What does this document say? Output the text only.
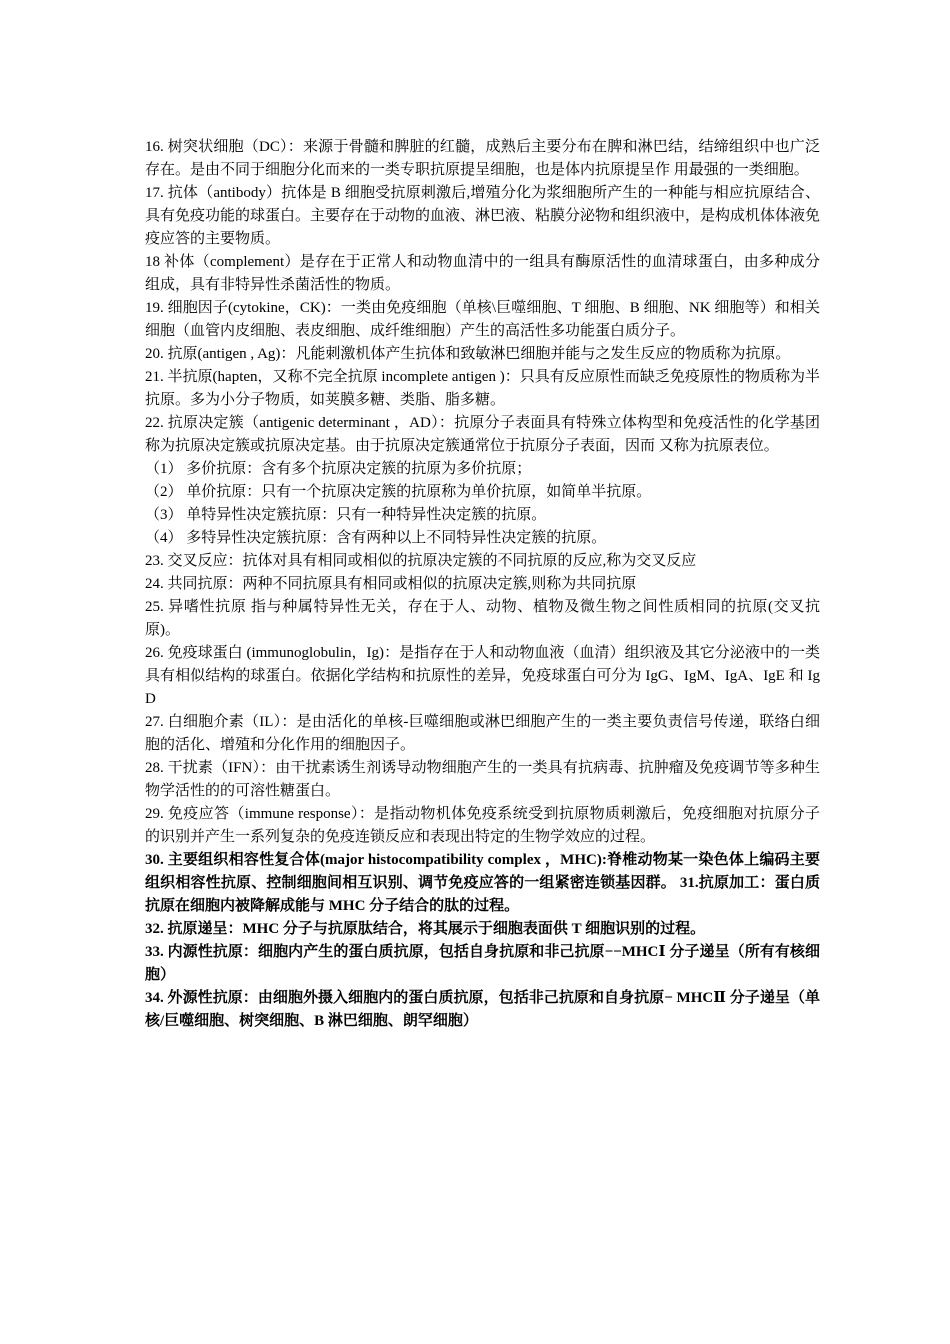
16. 树突状细胞（DC）：来源于骨髓和脾脏的红髓，成熟后主要分布在脾和淋巴结，结缔组织中也广泛存在。是由不同于细胞分化而来的一类专职抗原提呈细胞，也是体内抗原提呈作 用最强的一类细胞。

17. 抗体（antibody）抗体是 B 细胞受抗原刺激后,增殖分化为浆细胞所产生的一种能与相应抗原结合、具有免疫功能的球蛋白。主要存在于动物的血液、淋巴液、粘膜分泌物和组织液中，是构成机体体液免疫应答的主要物质。

18 补体（complement）是存在于正常人和动物血清中的一组具有酶原活性的血清球蛋白，由多种成分组成，具有非特异性杀菌活性的物质。

19. 细胞因子(cytokine，CK)：一类由免疫细胞（单核\巨噬细胞、T 细胞、B 细胞、NK 细胞等）和相关细胞（血管内皮细胞、表皮细胞、成纤维细胞）产生的高活性多功能蛋白质分子。

20. 抗原(antigen , Ag)：凡能刺激机体产生抗体和致敏淋巴细胞并能与之发生反应的物质称为抗原。

21. 半抗原(hapten，又称不完全抗原 incomplete antigen )：只具有反应原性而缺乏免疫原性的物质称为半抗原。多为小分子物质，如荚膜多糖、类脂、脂多糖。

22. 抗原决定簇（antigenic determinant ，AD）：抗原分子表面具有特殊立体构型和免疫活性的化学基团称为抗原决定簇或抗原决定基。由于抗原决定簇通常位于抗原分子表面，因而 又称为抗原表位。

（1） 多价抗原：含有多个抗原决定簇的抗原为多价抗原；

（2） 单价抗原：只有一个抗原决定簇的抗原称为单价抗原，如简单半抗原。

（3） 单特异性决定簇抗原：只有一种特异性决定簇的抗原。

（4） 多特异性决定簇抗原：含有两种以上不同特异性决定簇的抗原。

23. 交叉反应：抗体对具有相同或相似的抗原决定簇的不同抗原的反应,称为交叉反应

24. 共同抗原：两种不同抗原具有相同或相似的抗原决定簇,则称为共同抗原

25. 异嗜性抗原 指与种属特异性无关，存在于人、动物、植物及微生物之间性质相同的抗原(交叉抗原)。

26. 免疫球蛋白 (immunoglobulin，Ig)：是指存在于人和动物血液（血清）组织液及其它分泌液中的一类具有相似结构的球蛋白。依据化学结构和抗原性的差异，免疫球蛋白可分为 IgG、IgM、IgA、IgE 和 IgD

27. 白细胞介素（IL）：是由活化的单核-巨噬细胞或淋巴细胞产生的一类主要负责信号传递，联络白细胞的活化、增殖和分化作用的细胞因子。

28. 干扰素（IFN）：由干扰素诱生剂诱导动物细胞产生的一类具有抗病毒、抗肿瘤及免疫调节等多种生物学活性的的可溶性糖蛋白。

29. 免疫应答（immune response）：是指动物机体免疫系统受到抗原物质刺激后，免疫细胞对抗原分子的识别并产生一系列复杂的免疫连锁反应和表现出特定的生物学效应的过程。

30. 主要组织相容性复合体(major histocompatibility complex ，MHC):脊椎动物某一染色体上编码主要组织相容性抗原、控制细胞间相互识别、调节免疫应答的一组紧密连锁基因群。 31.抗原加工：蛋白质抗原在细胞内被降解成能与 MHC 分子结合的肽的过程。

32. 抗原递呈：MHC 分子与抗原肽结合，将其展示于细胞表面供 T 细胞识别的过程。

33. 内源性抗原：细胞内产生的蛋白质抗原，包括自身抗原和非己抗原−−MHCⅠ 分子递呈（所有有核细胞）

34. 外源性抗原：由细胞外摄入细胞内的蛋白质抗原，包括非己抗原和自身抗原− MHCⅡ 分子递呈（单核/巨噬细胞、树突细胞、B 淋巴细胞、朗罕细胞）
